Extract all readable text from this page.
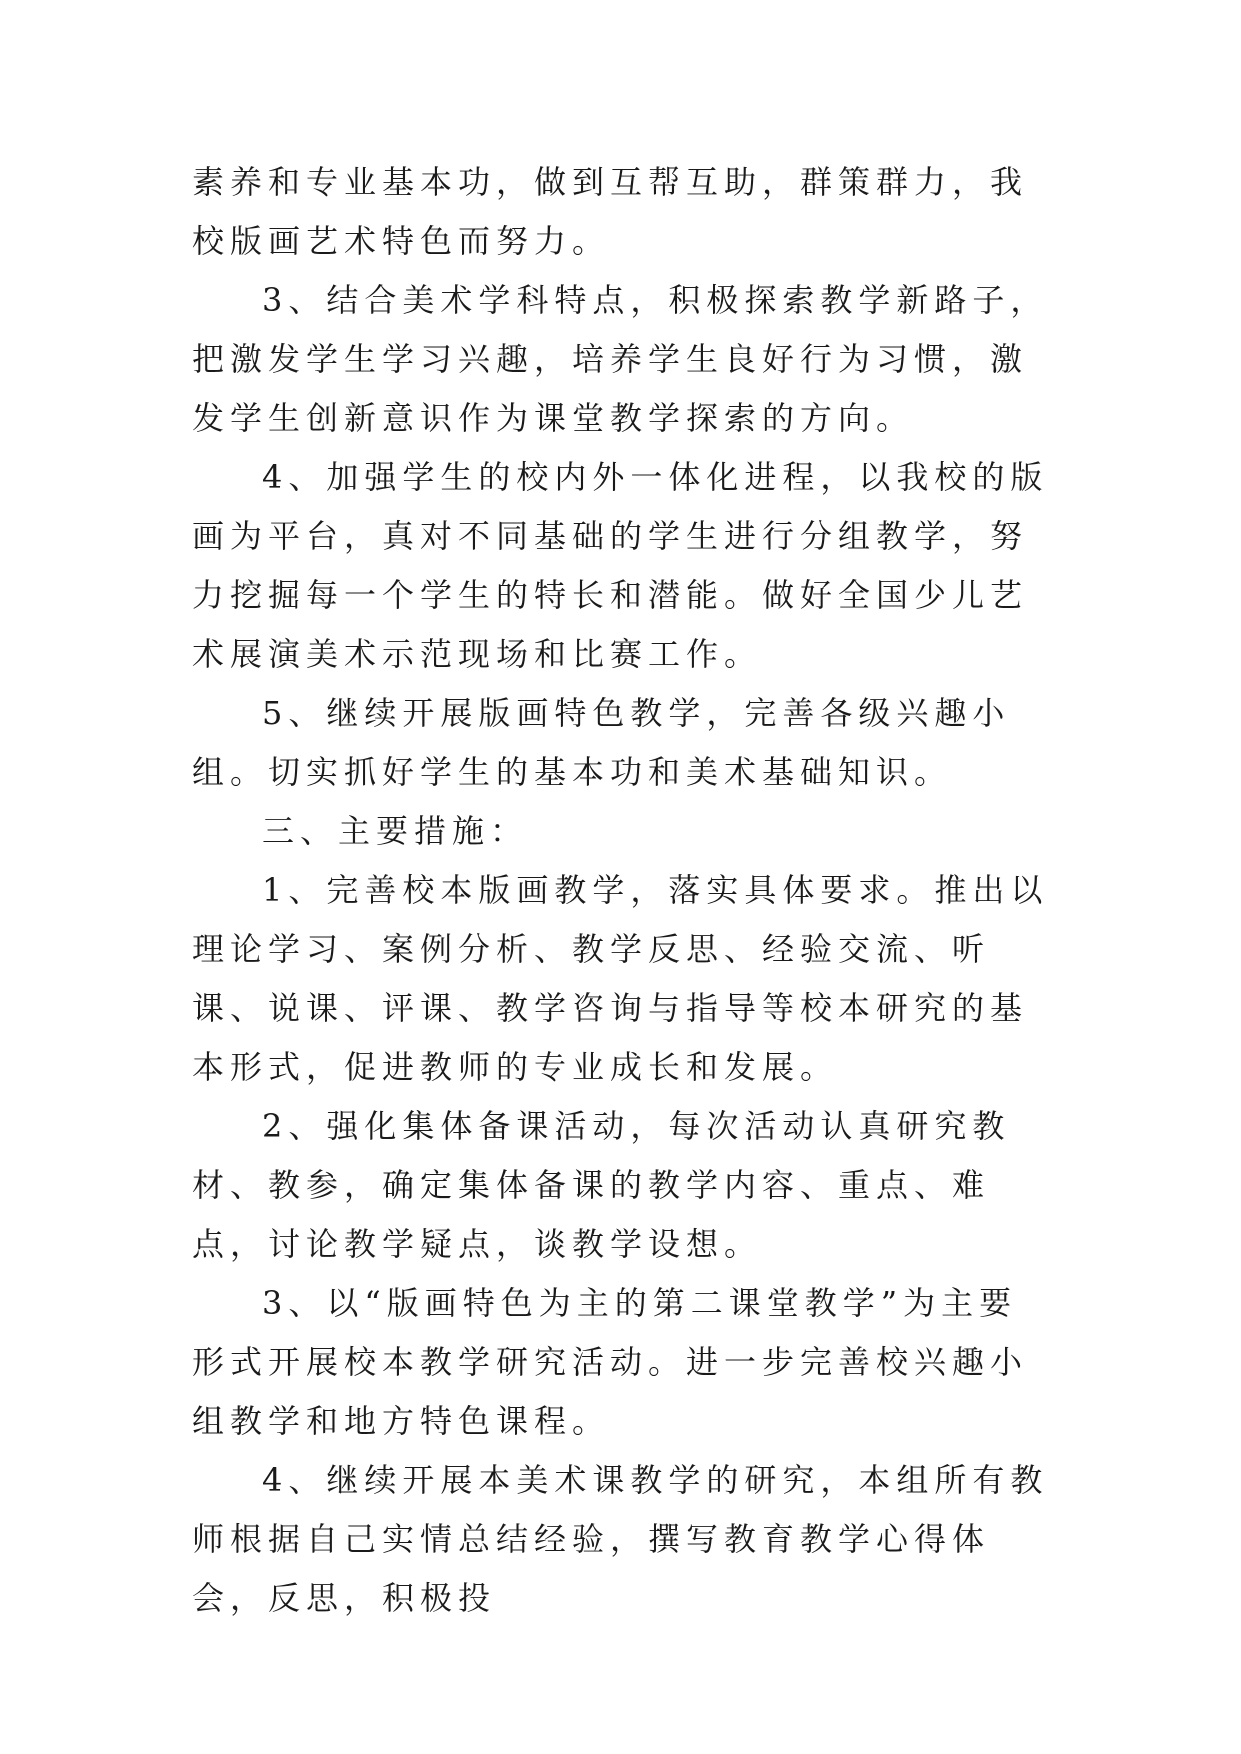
素养和专业基本功，做到互帮互助，群策群力，我校版画艺术特色而努力。

3、结合美术学科特点，积极探索教学新路子，把激发学生学习兴趣，培养学生良好行为习惯，激发学生创新意识作为课堂教学探索的方向。

4、加强学生的校内外一体化进程，以我校的版画为平台，真对不同基础的学生进行分组教学，努力挖掘每一个学生的特长和潜能。做好全国少儿艺术展演美术示范现场和比赛工作。

5、继续开展版画特色教学，完善各级兴趣小组。切实抓好学生的基本功和美术基础知识。

三、主要措施：

1、完善校本版画教学，落实具体要求。推出以理论学习、案例分析、教学反思、经验交流、听课、说课、评课、教学咨询与指导等校本研究的基本形式，促进教师的专业成长和发展。

2、强化集体备课活动，每次活动认真研究教材、教参，确定集体备课的教学内容、重点、难点，讨论教学疑点，谈教学设想。

3、以“版画特色为主的第二课堂教学”为主要形式开展校本教学研究活动。进一步完善校兴趣小组教学和地方特色课程。

4、继续开展本美术课教学的研究，本组所有教师根据自己实情总结经验，撰写教育教学心得体会，反思，积极投
